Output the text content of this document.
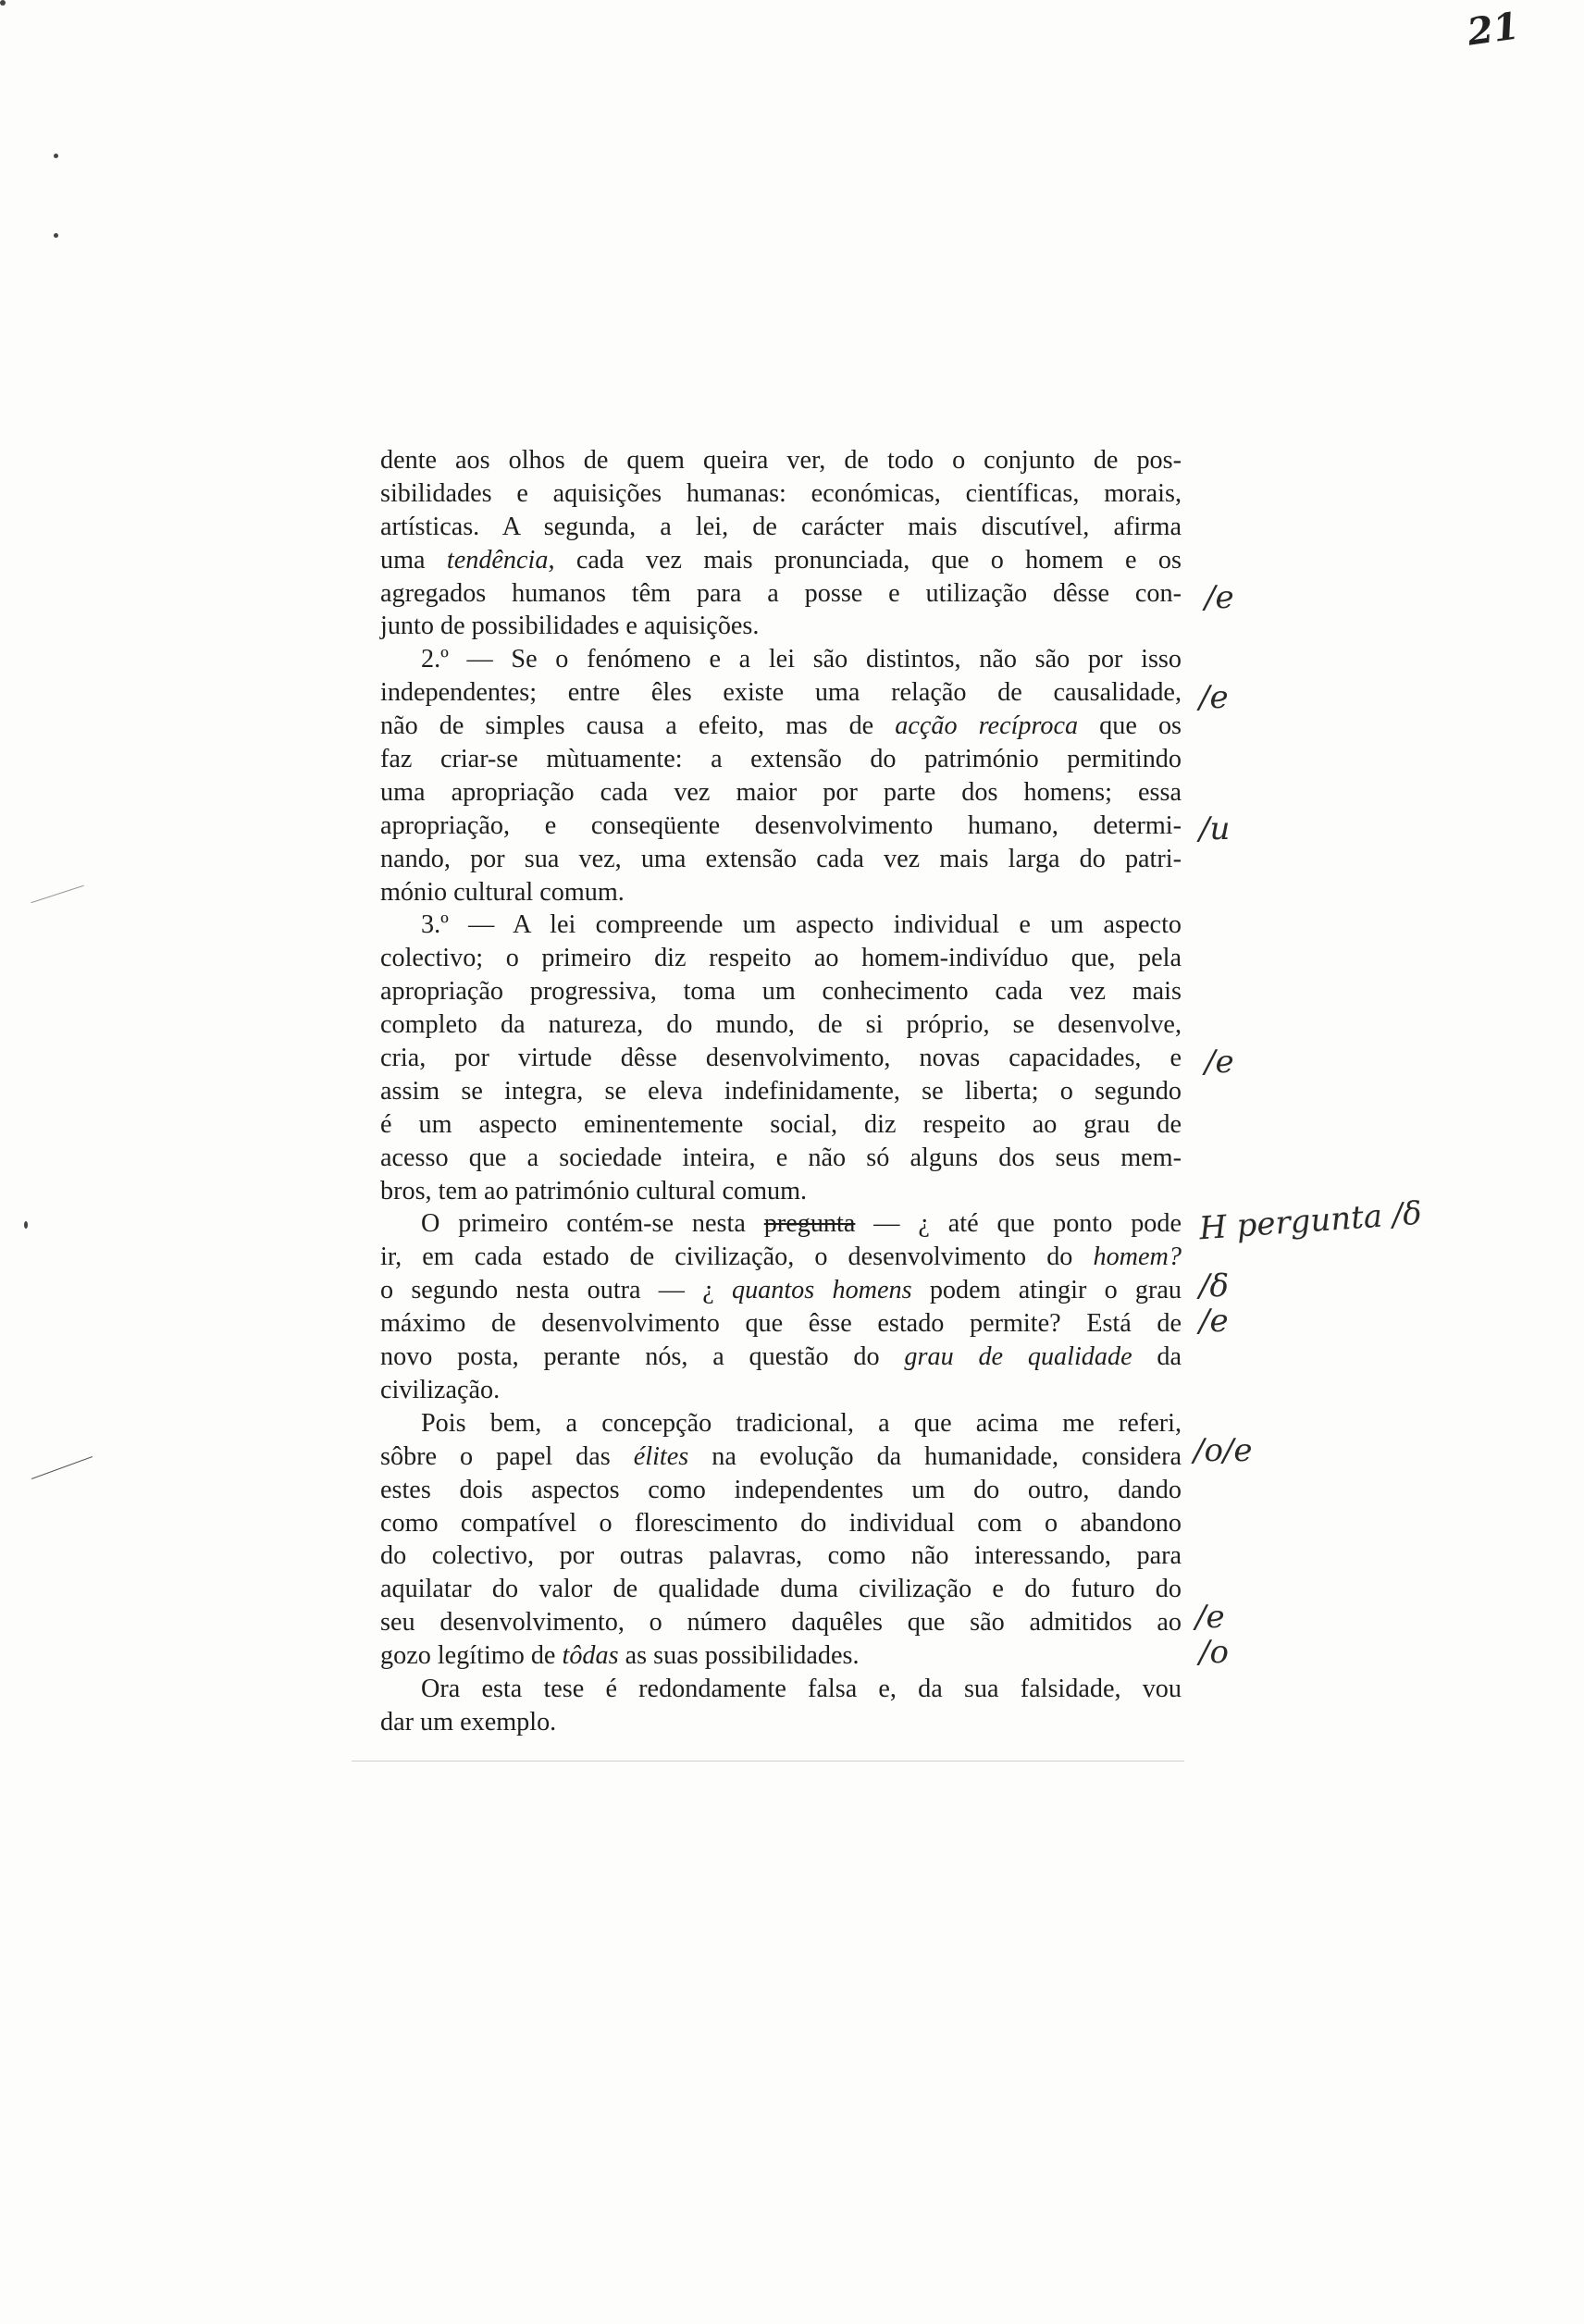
21
dente aos olhos de quem queira ver, de todo o conjunto de pos-
sibilidades e aquisições humanas: económicas, científicas, morais,
artísticas. A segunda, a lei, de carácter mais discutível, afirma
uma tendência, cada vez mais pronunciada, que o homem e os
agregados humanos têm para a posse e utilização dêsse con-
junto de possibilidades e aquisições.
2.º — Se o fenómeno e a lei são distintos, não são por isso
independentes; entre êles existe uma relação de causalidade,
não de simples causa a efeito, mas de acção recíproca que os
faz criar-se mùtuamente: a extensão do património permitindo
uma apropriação cada vez maior por parte dos homens; essa
apropriação, e conseqüente desenvolvimento humano, determi-
nando, por sua vez, uma extensão cada vez mais larga do patri-
mónio cultural comum.
3.º — A lei compreende um aspecto individual e um aspecto
colectivo; o primeiro diz respeito ao homem-indivíduo que, pela
apropriação progressiva, toma um conhecimento cada vez mais
completo da natureza, do mundo, de si próprio, se desenvolve,
cria, por virtude dêsse desenvolvimento, novas capacidades, e
assim se integra, se eleva indefinidamente, se liberta; o segundo
é um aspecto eminentemente social, diz respeito ao grau de
acesso que a sociedade inteira, e não só alguns dos seus mem-
bros, tem ao património cultural comum.
O primeiro contém-se nesta pregunta — ¿ até que ponto pode
ir, em cada estado de civilização, o desenvolvimento do homem?
o segundo nesta outra — ¿ quantos homens podem atingir o grau
máximo de desenvolvimento que êsse estado permite? Está de
novo posta, perante nós, a questão do grau de qualidade da
civilização.
Pois bem, a concepção tradicional, a que acima me referi,
sôbre o papel das élites na evolução da humanidade, considera
estes dois aspectos como independentes um do outro, dando
como compatível o florescimento do individual com o abandono
do colectivo, por outras palavras, como não interessando, para
aquilatar do valor de qualidade duma civilização e do futuro do
seu desenvolvimento, o número daquêles que são admitidos ao
gozo legítimo de tôdas as suas possibilidades.
Ora esta tese é redondamente falsa e, da sua falsidade, vou
dar um exemplo.
/e
/e
/u
/e
H pergunta /δ
/δ
/e
/o/e
/e
/o
